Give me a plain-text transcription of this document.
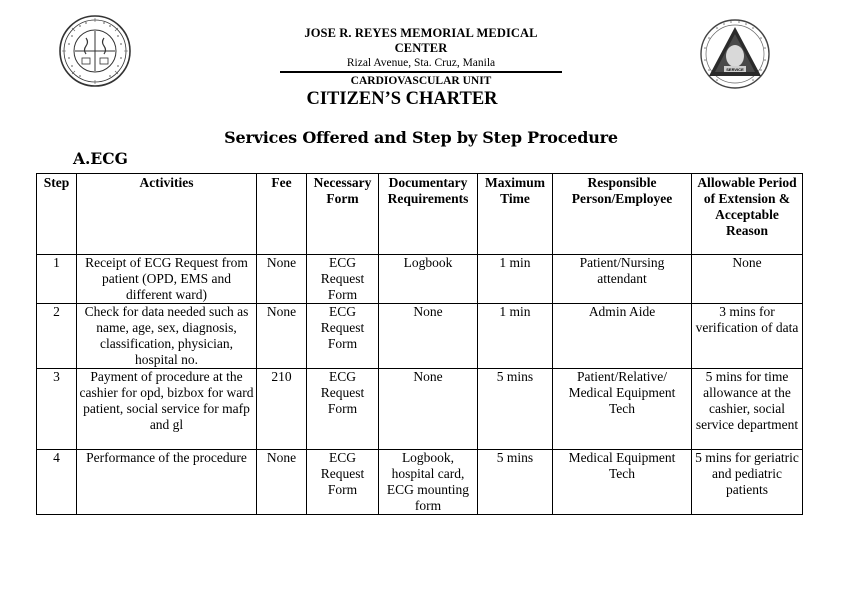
JOSE R. REYES MEMORIAL MEDICAL CENTER
Rizal Avenue, Sta. Cruz, Manila
CARDIOVASCULAR UNIT
SERVICE
CITIZEN’S CHARTER
Services Offered and Step by Step Procedure
A.ECG
Step	Activities	Fee	Necessary Form	Documentary Requirements	Maximum Time	Responsible Person/Employee	Allowable Period of Extension & Acceptable Reason
1	Receipt of ECG Request from patient (OPD, EMS and different ward)	None	ECG Request Form	Logbook	1 min	Patient/Nursing attendant	None
2	Check for data needed such as name, age, sex, diagnosis, classification, physician, hospital no.	None	ECG Request Form	None	1 min	Admin Aide	3 mins for verification of data
3	Payment of procedure at the cashier for opd, bizbox for ward patient, social service for mafp and gl	210	ECG Request Form	None	5 mins	Patient/Relative/ Medical Equipment Tech	5 mins for time allowance at the cashier, social service department
4	Performance of the procedure	None	ECG Request Form	Logbook, hospital card, ECG mounting form	5 mins	Medical Equipment Tech	5 mins for geriatric and pediatric patients
